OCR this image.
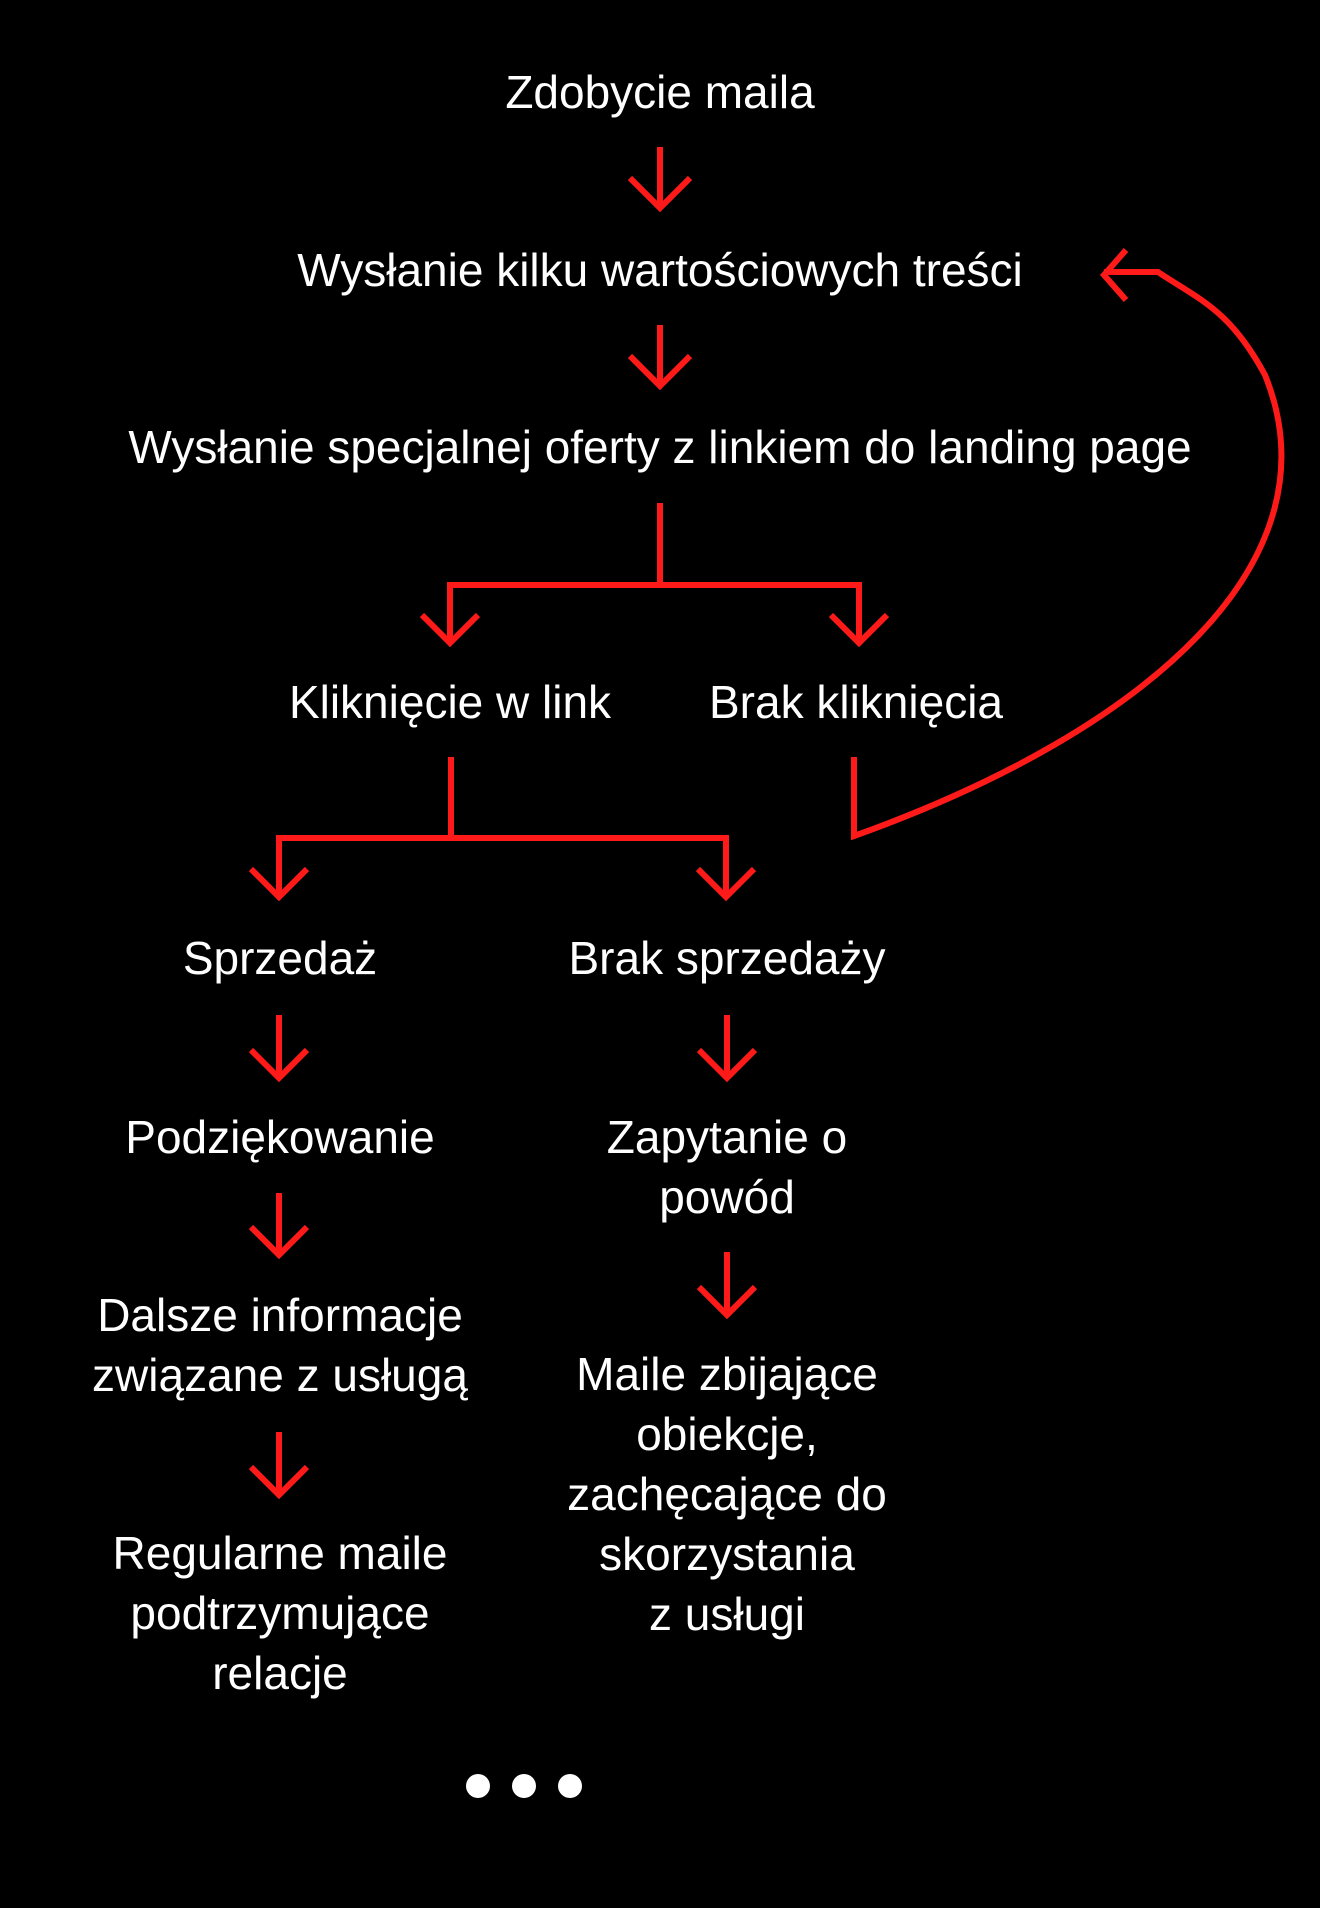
Zdobycie maila
Wysłanie kilku wartościowych treści
Wysłanie specjalnej oferty z linkiem do landing page
Kliknięcie w link	Brak kliknięcia
Sprzedaż	Brak sprzedaży
Podziękowanie	Zapytanie o
powód
Dalsze informacje
związane z usługą	Maile zbijające
obiekcje,
zachęcające do
skorzystania
z usługi
Regularne maile
podtrzymujące
relacje
